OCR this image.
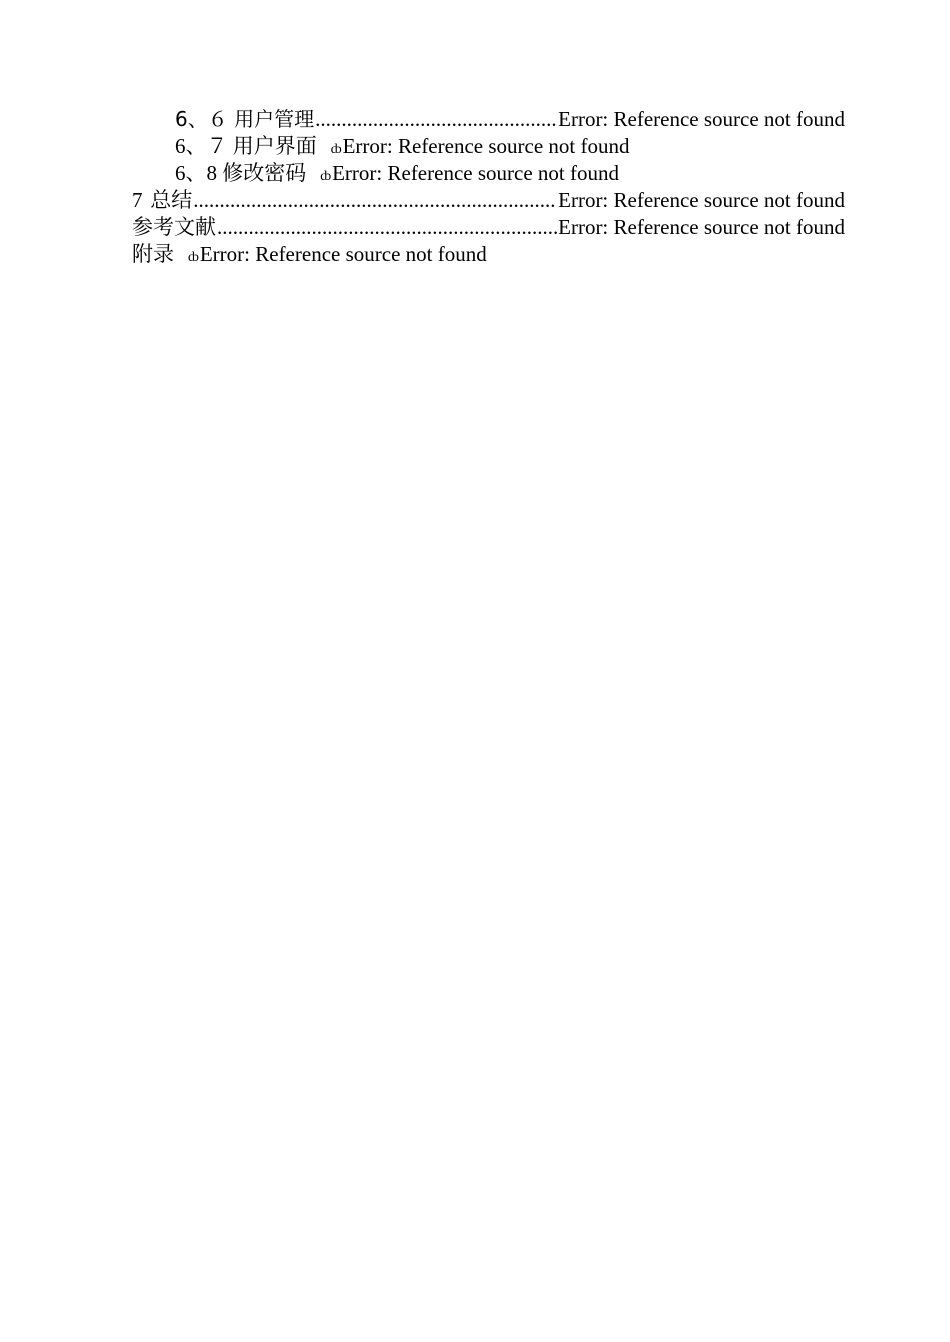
6、６ 用户管理 .....	Error: Reference source not found
6、７ 用户界面 ȸ Error: Reference source not found
6、8 修改密码 ȸ Error: Reference source not found
7 总结 .....	Error: Reference source not found
参考文献 .....	Error: Reference source not found
附录 ȸ Error: Reference source not found
